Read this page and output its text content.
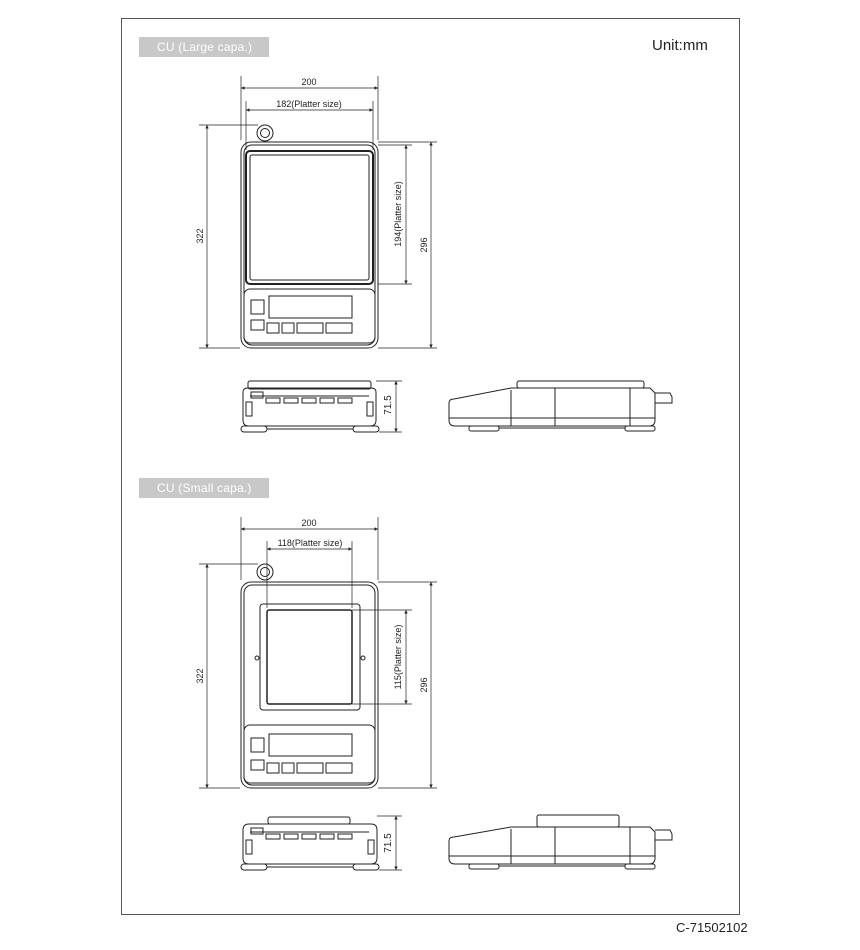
CU (Large capa.)
CU (Small capa.)
Unit:mm
C-71502102
200
182(Platter size)
322	194(Platter size) 296
71.5
200
118(Platter size)
322	115(Platter size) 296
71.5
